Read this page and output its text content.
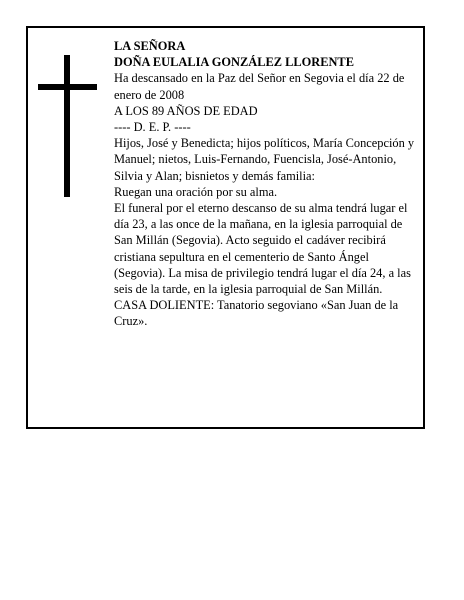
LA SEÑORA

DOÑA EULALIA GONZÁLEZ LLORENTE

Ha descansado en la Paz del Señor en Segovia el día 22 de enero de 2008

A LOS 89 AÑOS DE EDAD

---- D. E. P. ----

Hijos, José y Benedicta; hijos políticos, María Concepción y Manuel; nietos, Luis-Fernando, Fuencisla, José-Antonio, Silvia y Alan; bisnietos y demás familia:

Ruegan una oración por su alma.

El funeral por el eterno descanso de su alma tendrá lugar el día 23, a las once de la mañana, en la iglesia parroquial de San Millán (Segovia). Acto seguido el cadáver recibirá cristiana sepultura en el cementerio de Santo Ángel (Segovia). La misa de privilegio tendrá lugar el día 24, a las seis de la tarde, en la iglesia parroquial de San Millán.

CASA DOLIENTE: Tanatorio segoviano «San Juan de la Cruz».
